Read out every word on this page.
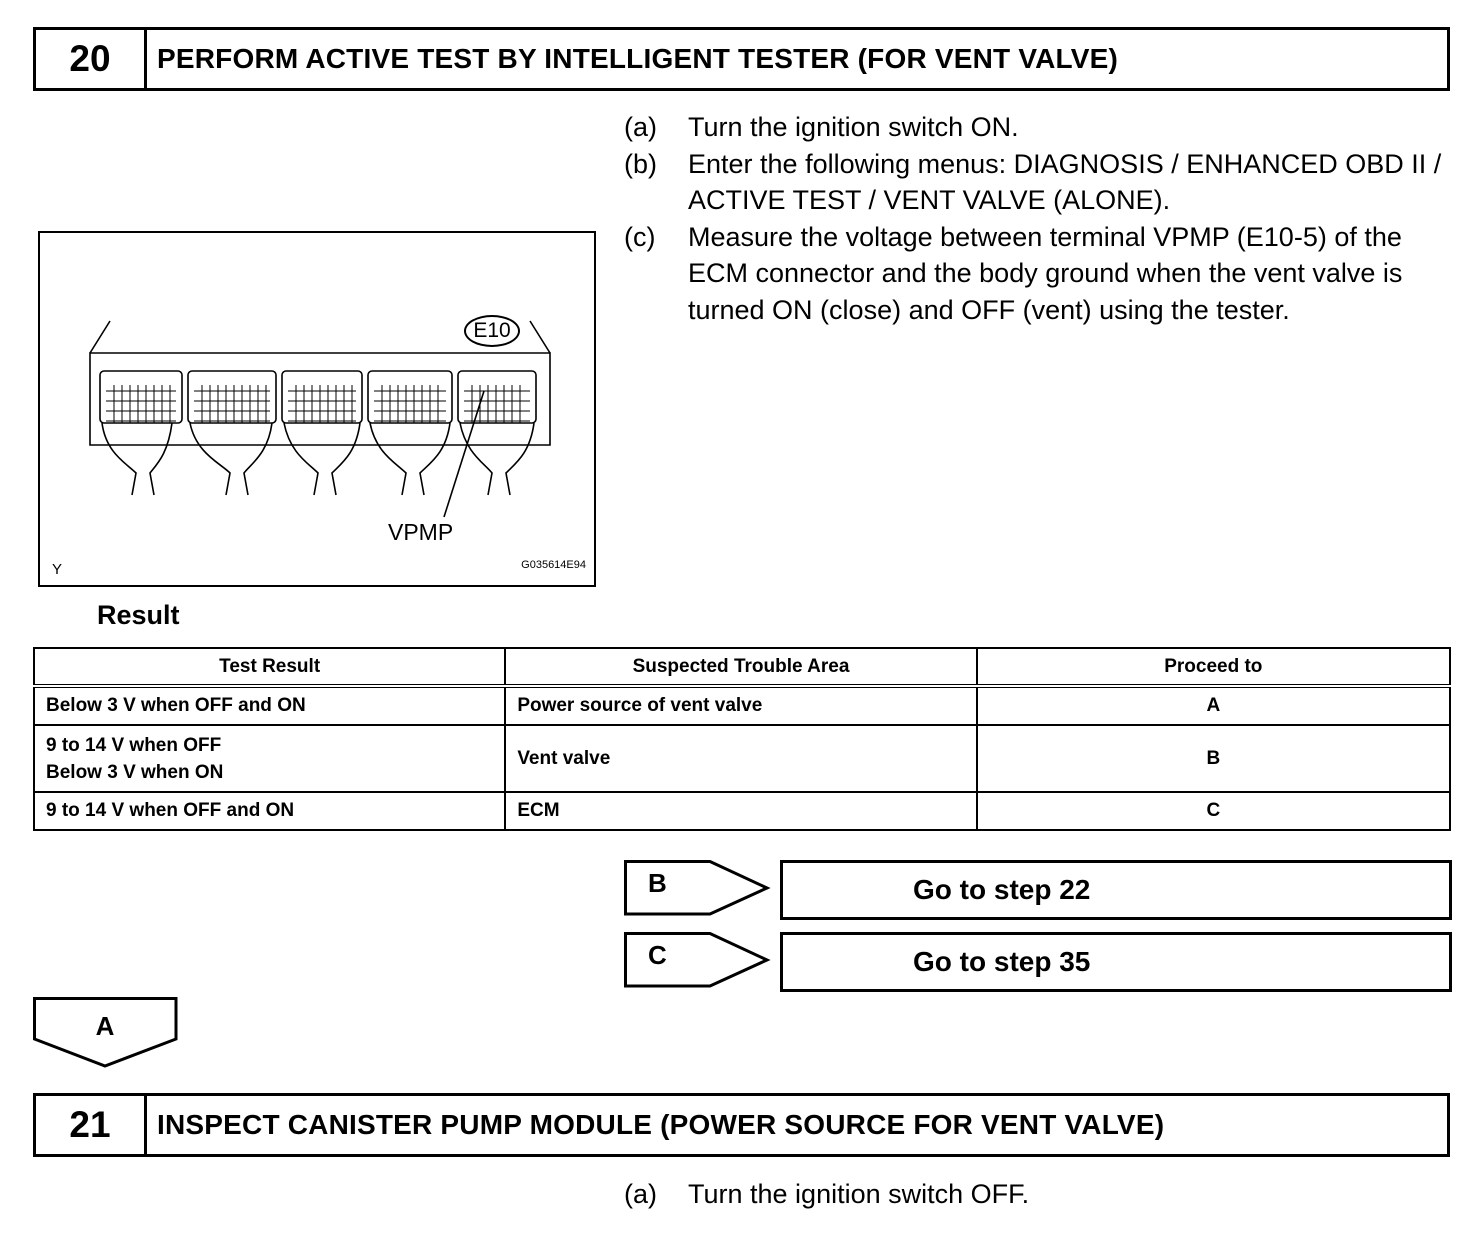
20	PERFORM ACTIVE TEST BY INTELLIGENT TESTER (FOR VENT VALVE)
(a)	Turn the ignition switch ON.
(b)	Enter the following menus: DIAGNOSIS / ENHANCED OBD II / ACTIVE TEST / VENT VALVE (ALONE).
(c)	Measure the voltage between terminal VPMP (E10-5) of the ECM connector and the body ground when the vent valve is turned ON (close) and OFF (vent) using the tester.
E10
VPMP
Y	G035614E94
Result
Test Result	Suspected Trouble Area	Proceed to
Below 3 V when OFF and ON	Power source of vent valve	A

9 to 14 V when OFF
Below 3 V when ON	Vent valve	B
9 to 14 V when OFF and ON	ECM	C
B	Go to step 22
C	Go to step 35
A
21	INSPECT CANISTER PUMP MODULE (POWER SOURCE FOR VENT VALVE)
(a)	Turn the ignition switch OFF.
